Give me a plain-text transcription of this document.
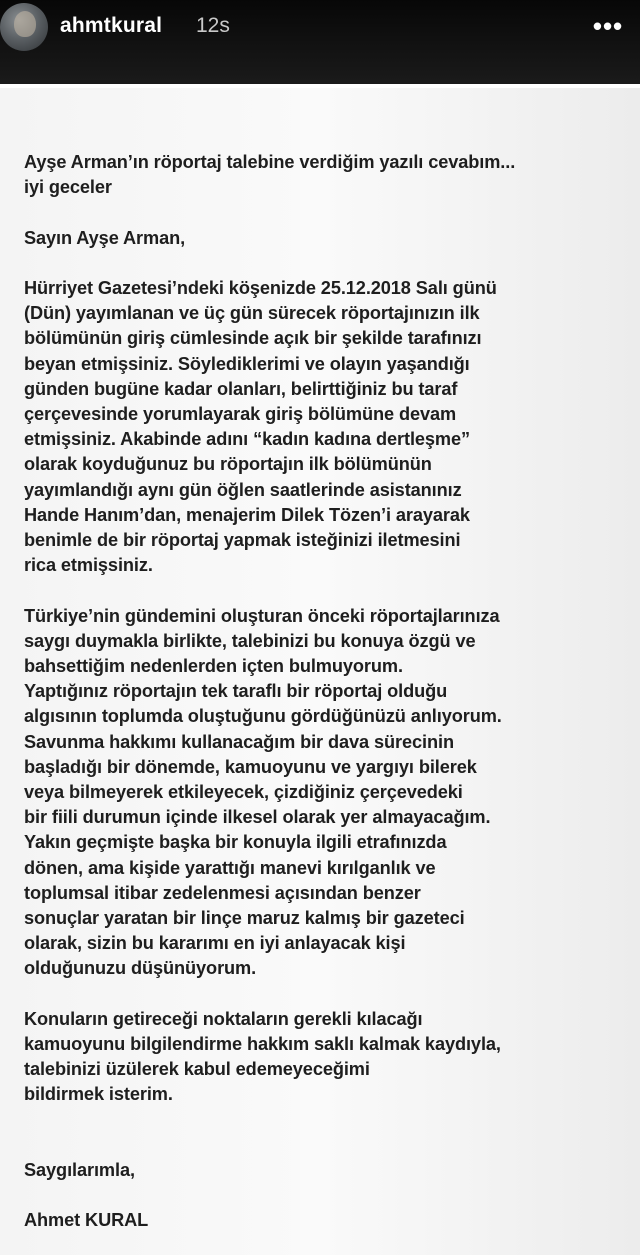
ahmtkural 12s	•••
Ayşe Arman’ın röportaj talebine verdiğim yazılı cevabım...
iyi geceler
Sayın Ayşe Arman,
Hürriyet Gazetesi’ndeki köşenizde 25.12.2018 Salı günü
(Dün) yayımlanan ve üç gün sürecek röportajınızın ilk
bölümünün giriş cümlesinde açık bir şekilde tarafınızı
beyan etmişsiniz. Söylediklerimi ve olayın yaşandığı
günden bugüne kadar olanları, belirttiğiniz bu taraf
çerçevesinde yorumlayarak giriş bölümüne devam
etmişsiniz. Akabinde adını “kadın kadına dertleşme”
olarak koyduğunuz bu röportajın ilk bölümünün
yayımlandığı aynı gün öğlen saatlerinde asistanınız
Hande Hanım’dan, menajerim Dilek Tözen’i arayarak
benimle de bir röportaj yapmak isteğinizi iletmesini
rica etmişsiniz.
Türkiye’nin gündemini oluşturan önceki röportajlarınıza
saygı duymakla birlikte, talebinizi bu konuya özgü ve
bahsettiğim nedenlerden içten bulmuyorum.
Yaptığınız röportajın tek taraflı bir röportaj olduğu
algısının toplumda oluştuğunu gördüğünüzü anlıyorum.
Savunma hakkımı kullanacağım bir dava sürecinin
başladığı bir dönemde, kamuoyunu ve yargıyı bilerek
veya bilmeyerek etkileyecek, çizdiğiniz çerçevedeki
bir fiili durumun içinde ilkesel olarak yer almayacağım.
Yakın geçmişte başka bir konuyla ilgili etrafınızda
dönen, ama kişide yarattığı manevi kırılganlık ve
toplumsal itibar zedelenmesi açısından benzer
sonuçlar yaratan bir linçe maruz kalmış bir gazeteci
olarak, sizin bu kararımı en iyi anlayacak kişi
olduğunuzu düşünüyorum.
Konuların getireceği noktaların gerekli kılacağı
kamuoyunu bilgilendirme hakkım saklı kalmak kaydıyla,
talebinizi üzülerek kabul edemeyeceğimi
bildirmek isterim.
Saygılarımla,
Ahmet KURAL
